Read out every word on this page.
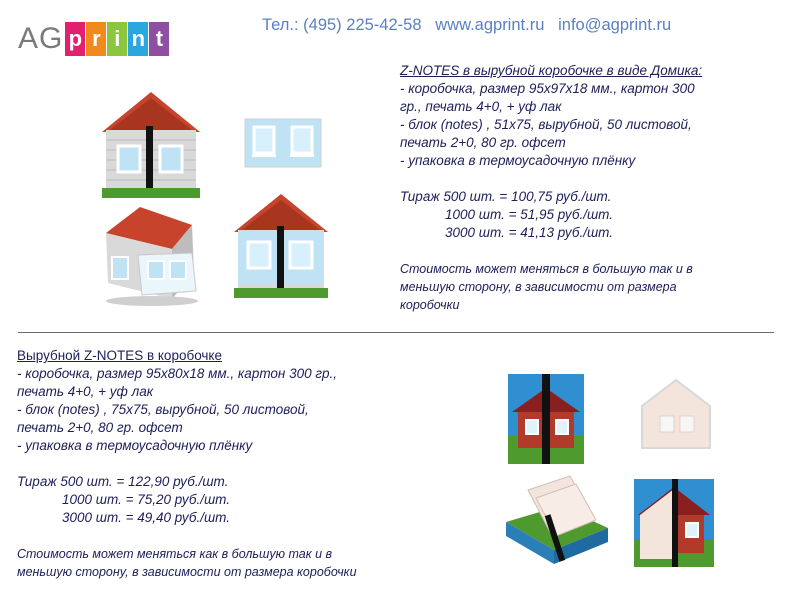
AG p r i n t
Тел.: (495) 225-42-58   www.agprint.ru   info@agprint.ru
Z-NOTES в вырубной коробочке в виде Домика:
- коробочка, размер 95х97х18 мм., картон 300
гр., печать 4+0, + уф лак
- блок (notes) , 51х75, вырубной, 50 листовой,
печать 2+0, 80 гр. офсет
- упаковка в термоусадочную плёнку
Тираж 500 шт. = 100,75 руб./шт.
1000 шт. = 51,95 руб./шт.
3000 шт. = 41,13 руб./шт.
Стоимость может меняться в большую так и в
меньшую сторону, в зависимости от размера
коробочки
Вырубной Z-NOTES в коробочке
- коробочка, размер 95х80х18 мм., картон 300 гр.,
печать 4+0, + уф лак
- блок (notes) , 75х75, вырубной, 50 листовой,
печать 2+0, 80 гр. офсет
- упаковка в термоусадочную плёнку
Тираж 500 шт. = 122,90 руб./шт.
1000 шт. = 75,20 руб./шт.
3000 шт. = 49,40 руб./шт.
Стоимость может меняться как в большую так и в
меньшую сторону, в зависимости от размера коробочки
